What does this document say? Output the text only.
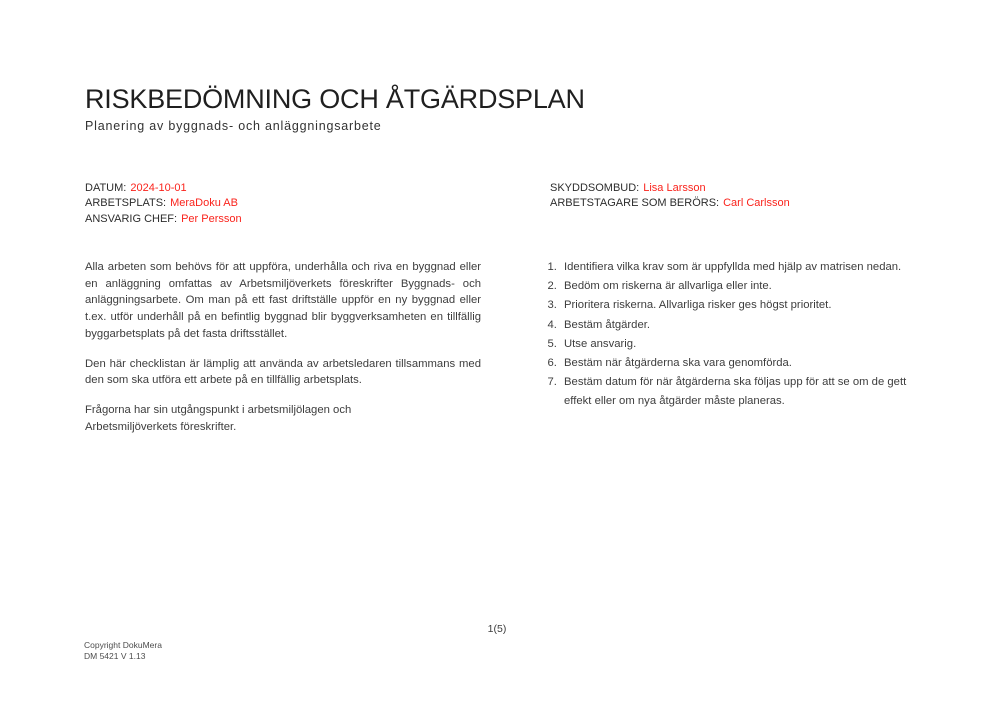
RISKBEDÖMNING OCH ÅTGÄRDSPLAN
Planering av byggnads- och anläggningsarbete
DATUM: 2024-10-01
ARBETSPLATS: MeraDoku AB
ANSVARIG CHEF: Per Persson
SKYDDSOMBUD: Lisa Larsson
ARBETSTAGARE SOM BERÖRS: Carl Carlsson

Alla arbeten som behövs för att uppföra, underhålla och riva en byggnad eller en anläggning omfattas av Arbetsmiljöverkets föreskrifter Byggnads- och anläggningsarbete. Om man på ett fast driftställe uppför en ny byggnad eller t.ex. utför underhåll på en befintlig byggnad blir byggverksamheten en tillfällig byggarbetsplats på det fasta driftsstället.

Den här checklistan är lämplig att använda av arbetsledaren tillsammans med den som ska utföra ett arbete på en tillfällig arbetsplats.

Frågorna har sin utgångspunkt i arbetsmiljölagen och
Arbetsmiljöverkets föreskrifter.

1. Identifiera vilka krav som är uppfyllda med hjälp av matrisen nedan.
2. Bedöm om riskerna är allvarliga eller inte.
3. Prioritera riskerna. Allvarliga risker ges högst prioritet.
4. Bestäm åtgärder.
5. Utse ansvarig.
6. Bestäm när åtgärderna ska vara genomförda.
7. Bestäm datum för när åtgärderna ska följas upp för att se om de gett effekt eller om nya åtgärder måste planeras.
1(5)
Copyright DokuMera
DM 5421 V 1.13
